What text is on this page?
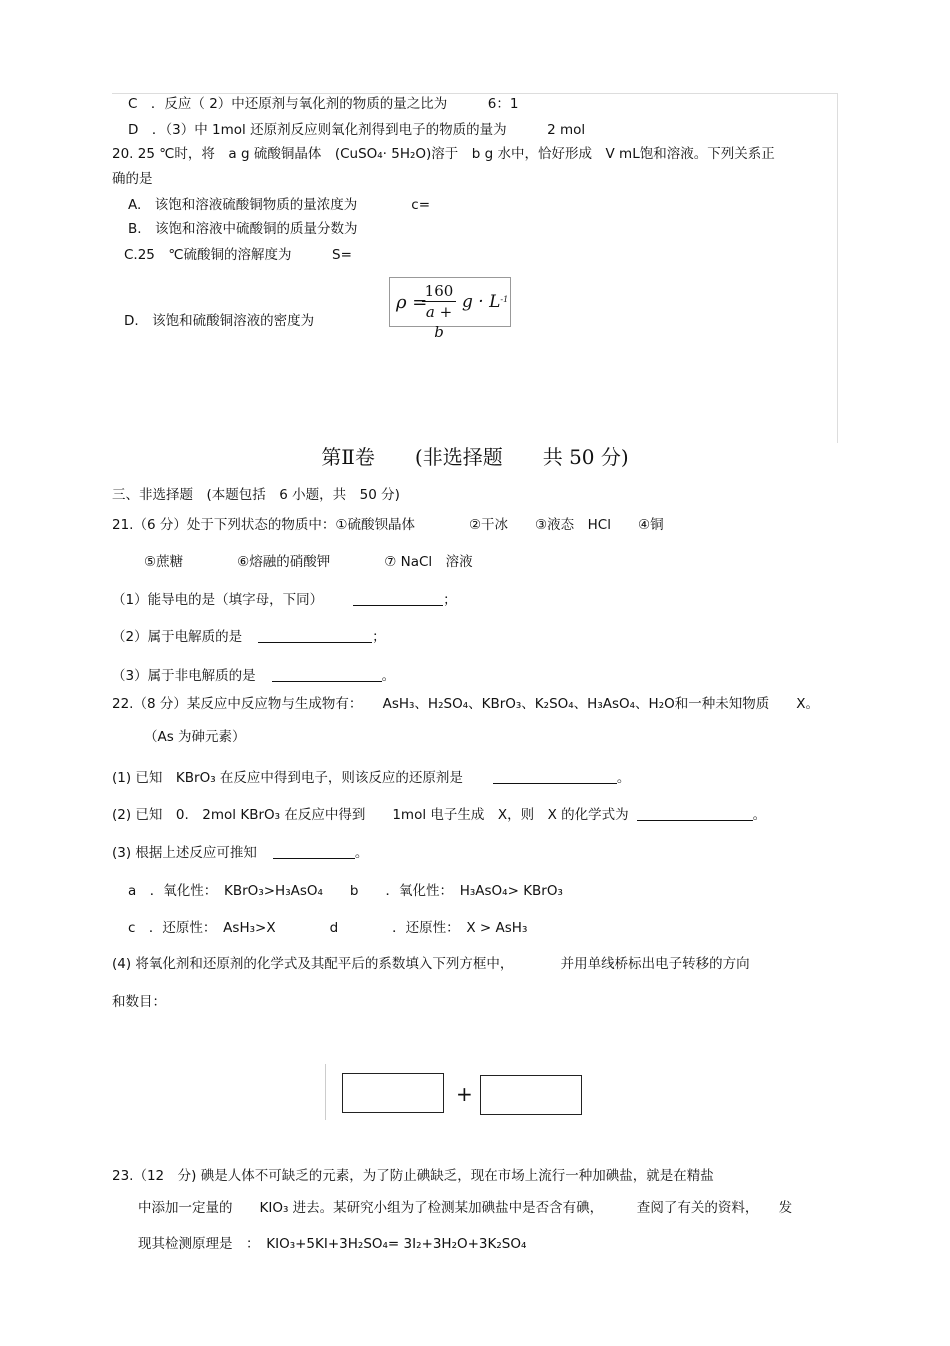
C　．反应（ 2）中还原剂与氧化剂的物质的量之比为　　　6：1
D　．（3）中 1mol 还原剂反应则氧化剂得到电子的物质的量为　　　2 mol
20. 25 ℃时，将　a g 硫酸铜晶体　(CuSO₄· 5H₂O)溶于　b g 水中，恰好形成　V mL饱和溶液。下列关系正
确的是
A.　该饱和溶液硫酸铜物质的量浓度为　　　　c=
B.　该饱和溶液中硫酸铜的质量分数为
C.25　℃硫酸铜的溶解度为　　　S=
D.　该饱和硫酸铜溶液的密度为
ρ =
$\frac{160}{a + b}$ $g \cdot L^{-1}$
第Ⅱ卷　　(非选择题　　共 50 分)
三、非选择题　(本题包括　6 小题，共　50 分)
21.（6 分）处于下列状态的物质中：①硫酸钡晶体　　　　②干冰　　③液态　HCl　　④铜
⑤蔗糖　　　　⑥熔融的硝酸钾　　　　⑦ NaCl　溶液
（1）能导电的是（填字母，下同）	；
（2）属于电解质的是	；
（3）属于非电解质的是	。
22.（8 分）某反应中反应物与生成物有：　　AsH₃、H₂SO₄、KBrO₃、K₂SO₄、H₃AsO₄、H₂O和一种未知物质　　X。
（As 为砷元素）
(1) 已知　KBrO₃ 在反应中得到电子，则该反应的还原剂是	。
(2) 已知　0.　2mol KBrO₃ 在反应中得到　　1mol 电子生成　X，则　X 的化学式为	。
(3) 根据上述反应可推知	。
a　．氧化性：　KBrO₃>H₃AsO₄　　b　　．氧化性：　H₃AsO₄> KBrO₃
c　．还原性：　AsH₃>X　　　　d　　　　．还原性：　X > AsH₃
(4) 将氧化剂和还原剂的化学式及其配平后的系数填入下列方框中，　　　　并用单线桥标出电子转移的方向
和数目：
+
23.（12　分) 碘是人体不可缺乏的元素，为了防止碘缺乏，现在市场上流行一种加碘盐，就是在精盐
中添加一定量的　　KIO₃ 进去。某研究小组为了检测某加碘盐中是否含有碘，　　　查阅了有关的资料，　　发
现其检测原理是　：　KIO₃+5KI+3H₂SO₄= 3I₂+3H₂O+3K₂SO₄
